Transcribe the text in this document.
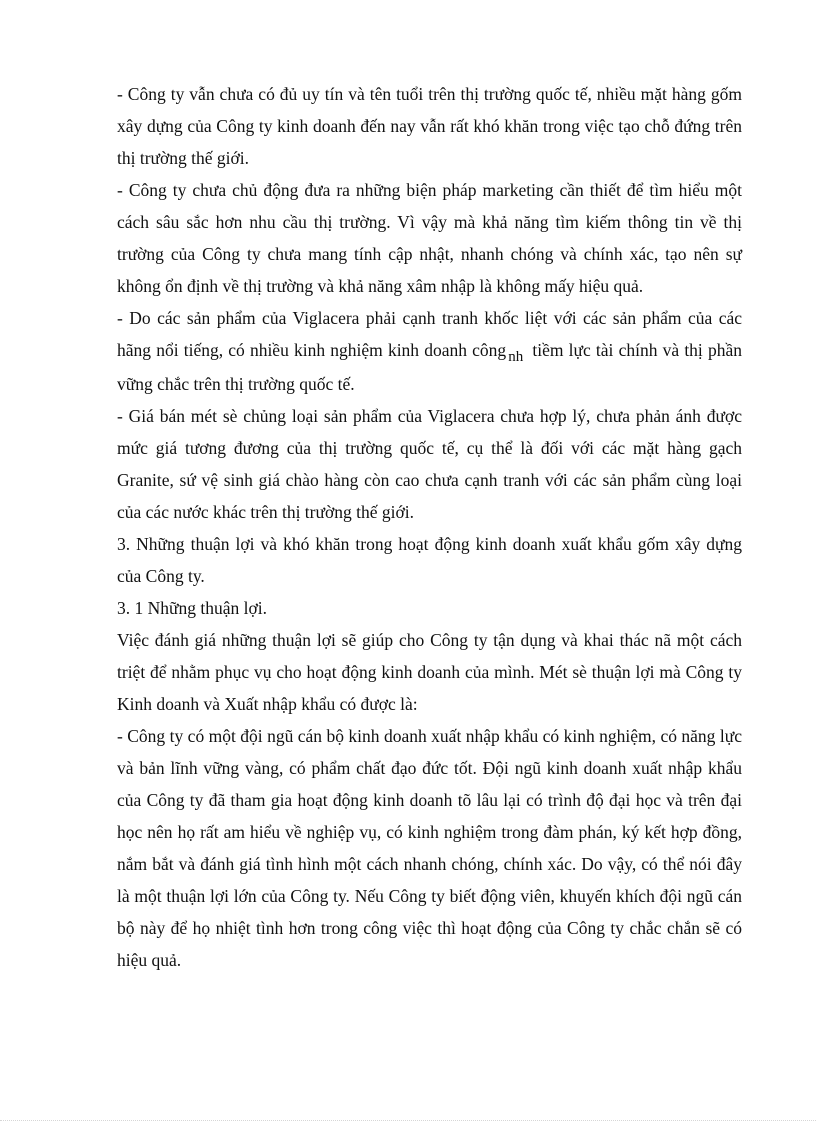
- Công ty vẫn chưa có đủ uy tín và tên tuổi trên thị trường quốc tế, nhiều mặt hàng gốm xây dựng của Công ty kinh doanh đến nay vẫn rất khó khăn trong việc tạo chỗ đứng trên thị trường thế giới.

- Công ty chưa chủ động đưa ra những biện pháp marketing cần thiết để tìm hiểu một cách sâu sắc hơn nhu cầu thị trường. Vì vậy mà khả năng tìm kiếm thông tin về thị trường của Công ty chưa mang tính cập nhật, nhanh chóng và chính xác, tạo nên sự không ổn định về thị trường và khả năng xâm nhập là không mấy hiệu quả.

- Do các sản phẩm của Viglacera phải cạnh tranh khốc liệt với các sản phẩm của các hãng nổi tiếng, có nhiều kinh nghiệm kinh doanh công nh tiềm lực tài chính và thị phần vững chắc trên thị trường quốc tế.

- Giá bán mét sè chủng loại sản phẩm của Viglacera chưa hợp lý, chưa phản ánh được mức giá tương đương của thị trường quốc tế, cụ thể là đối với các mặt hàng gạch Granite, sứ vệ sinh giá chào hàng còn cao chưa cạnh tranh với các sản phẩm cùng loại của các nước khác trên thị trường thế giới.

3. Những thuận lợi và khó khăn trong hoạt động kinh doanh xuất khẩu gốm xây dựng của Công ty.

3. 1 Những thuận lợi.

Việc đánh giá những thuận lợi sẽ giúp cho Công ty tận dụng và khai thác nã một cách triệt để nhằm phục vụ cho hoạt động kinh doanh của mình. Mét sè thuận lợi mà Công ty Kinh doanh và Xuất nhập khẩu có được là:

- Công ty có một đội ngũ cán bộ kinh doanh xuất nhập khẩu có kinh nghiệm, có năng lực và bản lĩnh vững vàng, có phẩm chất đạo đức tốt. Đội ngũ kinh doanh xuất nhập khẩu của Công ty đã tham gia hoạt động kinh doanh tõ lâu lại có trình độ đại học và trên đại học nên họ rất am hiểu về nghiệp vụ, có kinh nghiệm trong đàm phán, ký kết hợp đồng, nắm bắt và đánh giá tình hình một cách nhanh chóng, chính xác. Do vậy, có thể nói đây là một thuận lợi lớn của Công ty. Nếu Công ty biết động viên, khuyến khích đội ngũ cán bộ này để họ nhiệt tình hơn trong công việc thì hoạt động của Công ty chắc chắn sẽ có hiệu quả.
